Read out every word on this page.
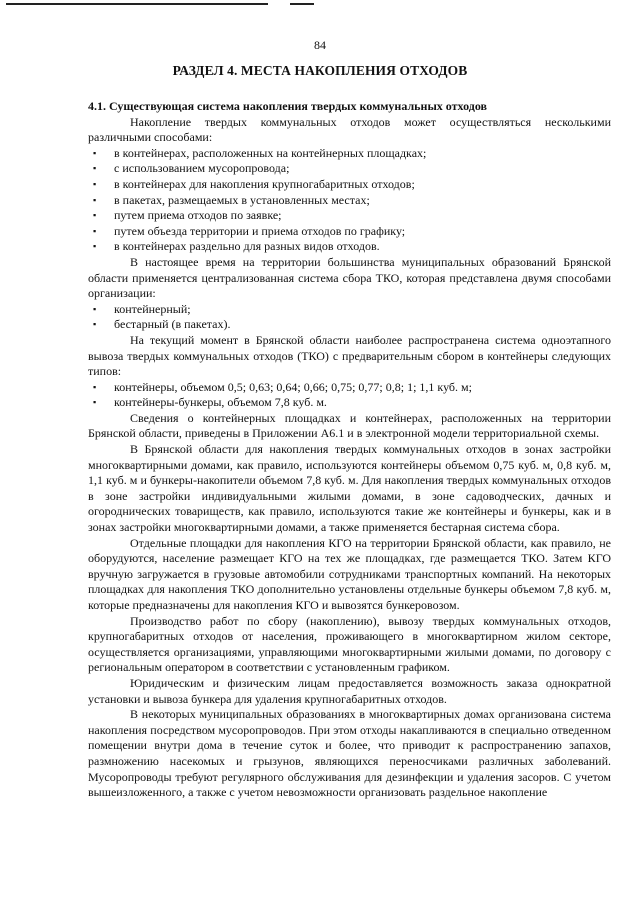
84
РАЗДЕЛ 4. МЕСТА НАКОПЛЕНИЯ ОТХОДОВ

4.1. Существующая система накопления твердых коммунальных отходов

Накопление твердых коммунальных отходов может осуществляться несколькими различными способами:

▪ в контейнерах, расположенных на контейнерных площадках;
▪ с использованием мусоропровода;
▪ в контейнерах для накопления крупногабаритных отходов;
▪ в пакетах, размещаемых в установленных местах;
▪ путем приема отходов по заявке;
▪ путем объезда территории и приема отходов по графику;
▪ в контейнерах раздельно для разных видов отходов.

В настоящее время на территории большинства муниципальных образований Брянской области применяется централизованная система сбора ТКО, которая представлена двумя способами организации:

▪ контейнерный;
▪ бестарный (в пакетах).

На текущий момент в Брянской области наиболее распространена система одноэтапного вывоза твердых коммунальных отходов (ТКО) с предварительным сбором в контейнеры следующих типов:

▪ контейнеры, объемом 0,5; 0,63; 0,64; 0,66; 0,75; 0,77; 0,8; 1; 1,1 куб. м;
▪ контейнеры-бункеры, объемом 7,8 куб. м.

Сведения о контейнерных площадках и контейнерах, расположенных на территории Брянской области, приведены в Приложении А6.1 и в электронной модели территориальной схемы.

В Брянской области для накопления твердых коммунальных отходов в зонах застройки многоквартирными домами, как правило, используются контейнеры объемом 0,75 куб. м, 0,8 куб. м, 1,1 куб. м и бункеры-накопители объемом 7,8 куб. м. Для накопления твердых коммунальных отходов в зоне застройки индивидуальными жилыми домами, в зоне садоводческих, дачных и огороднических товариществ, как правило, используются такие же контейнеры и бункеры, как и в зонах застройки многоквартирными домами, а также применяется бестарная система сбора.

Отдельные площадки для накопления КГО на территории Брянской области, как правило, не оборудуются, население размещает КГО на тех же площадках, где размещается ТКО. Затем КГО вручную загружается в грузовые автомобили сотрудниками транспортных компаний. На некоторых площадках для накопления ТКО дополнительно установлены отдельные бункеры объемом 7,8 куб. м, которые предназначены для накопления КГО и вывозятся бункеровозом.

Производство работ по сбору (накоплению), вывозу твердых коммунальных отходов, крупногабаритных отходов от населения, проживающего в многоквартирном жилом секторе, осуществляется организациями, управляющими многоквартирными жилыми домами, по договору с региональным оператором в соответствии с установленным графиком.

Юридическим и физическим лицам предоставляется возможность заказа однократной установки и вывоза бункера для удаления крупногабаритных отходов.

В некоторых муниципальных образованиях в многоквартирных домах организована система накопления посредством мусоропроводов. При этом отходы накапливаются в специально отведенном помещении внутри дома в течение суток и более, что приводит к распространению запахов, размножению насекомых и грызунов, являющихся переносчиками различных заболеваний. Мусоропроводы требуют регулярного обслуживания для дезинфекции и удаления засоров. С учетом вышеизложенного, а также с учетом невозможности организовать раздельное накопление
